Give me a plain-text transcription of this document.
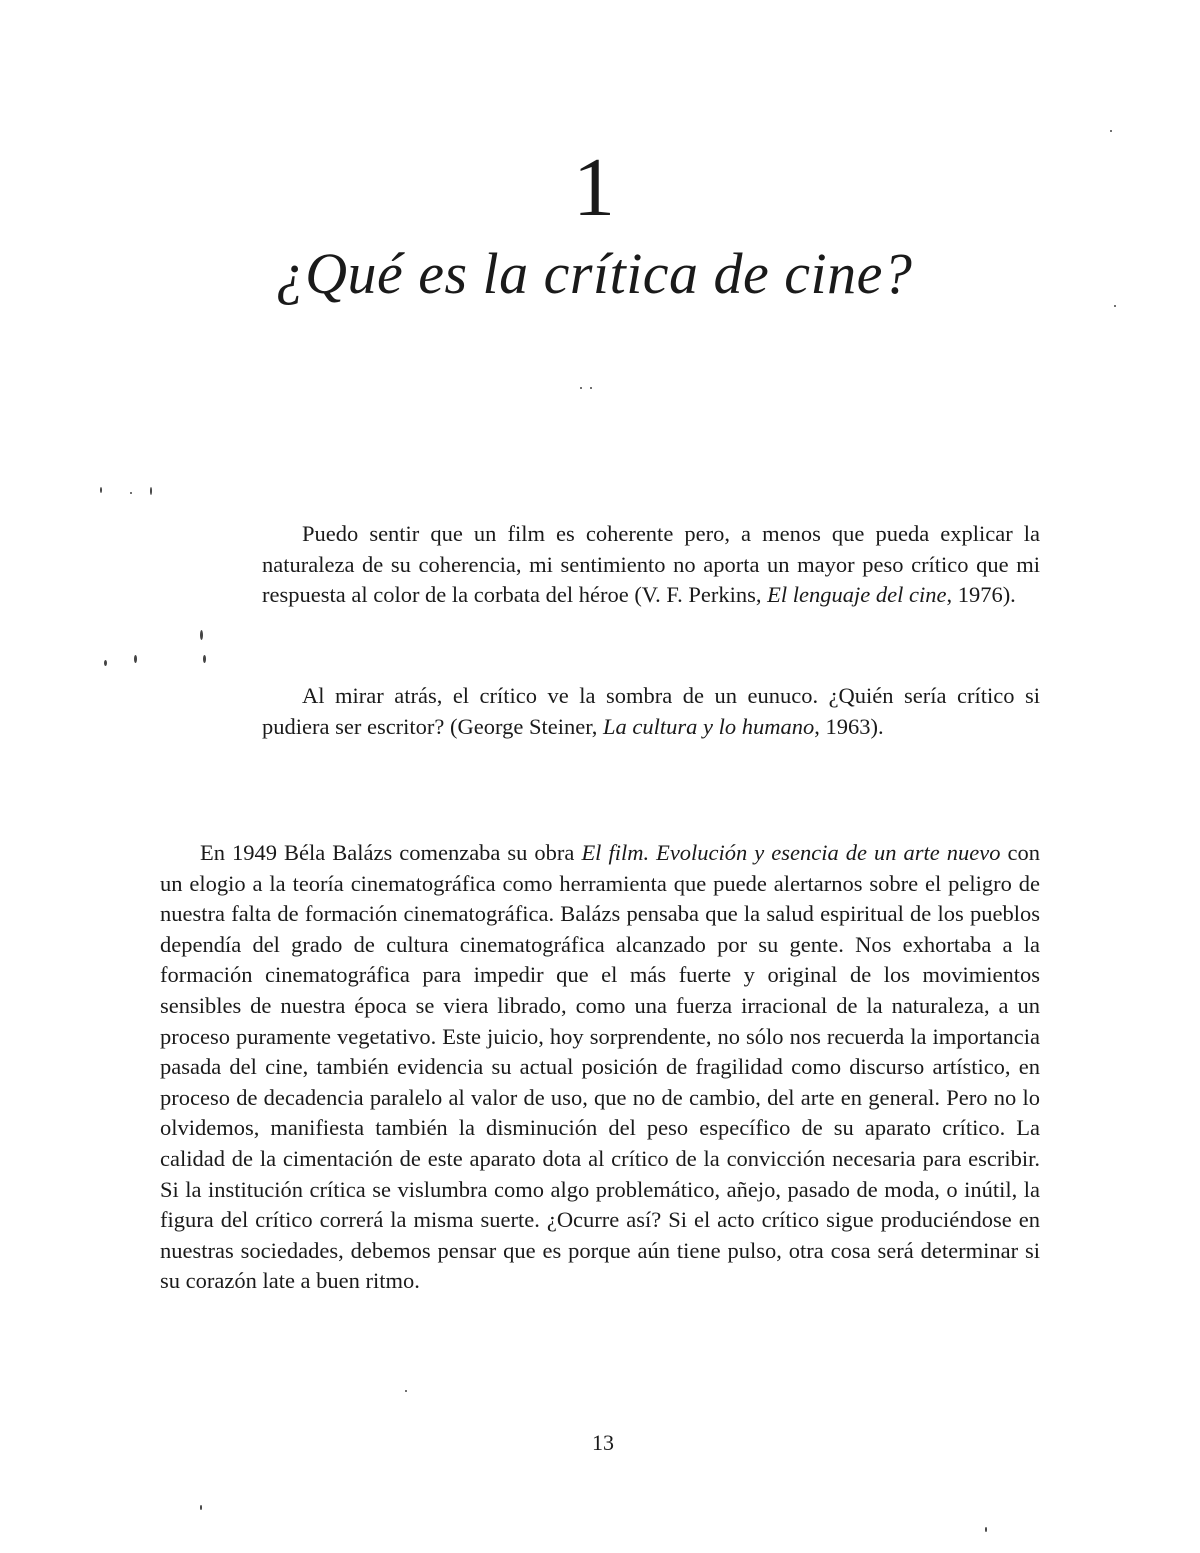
1
¿Qué es la crítica de cine?

Puedo sentir que un film es coherente pero, a menos que pueda explicar la naturaleza de su coherencia, mi sentimiento no aporta un mayor peso crítico que mi respuesta al color de la corbata del héroe (V. F. Perkins, El lenguaje del cine, 1976).

Al mirar atrás, el crítico ve la sombra de un eunuco. ¿Quién sería crítico si pudiera ser escritor? (George Steiner, La cultura y lo humano, 1963).

En 1949 Béla Balázs comenzaba su obra El film. Evolución y esencia de un arte nuevo con un elogio a la teoría cinematográfica como herramienta que puede alertarnos sobre el peligro de nuestra falta de formación cinematográfica. Balázs pensaba que la salud espiritual de los pueblos dependía del grado de cultura cinematográfica alcanzado por su gente. Nos exhortaba a la formación cinematográfica para impedir que el más fuerte y original de los movimientos sensibles de nuestra época se viera librado, como una fuerza irracional de la naturaleza, a un proceso puramente vegetativo. Este juicio, hoy sorprendente, no sólo nos recuerda la importancia pasada del cine, también evidencia su actual posición de fragilidad como discurso artístico, en proceso de decadencia paralelo al valor de uso, que no de cambio, del arte en general. Pero no lo olvidemos, manifiesta también la disminución del peso específico de su aparato crítico. La calidad de la cimentación de este aparato dota al crítico de la convicción necesaria para escribir. Si la institución crítica se vislumbra como algo problemático, añejo, pasado de moda, o inútil, la figura del crítico correrá la misma suerte. ¿Ocurre así? Si el acto crítico sigue produciéndose en nuestras sociedades, debemos pensar que es porque aún tiene pulso, otra cosa será determinar si su corazón late a buen ritmo.

13
